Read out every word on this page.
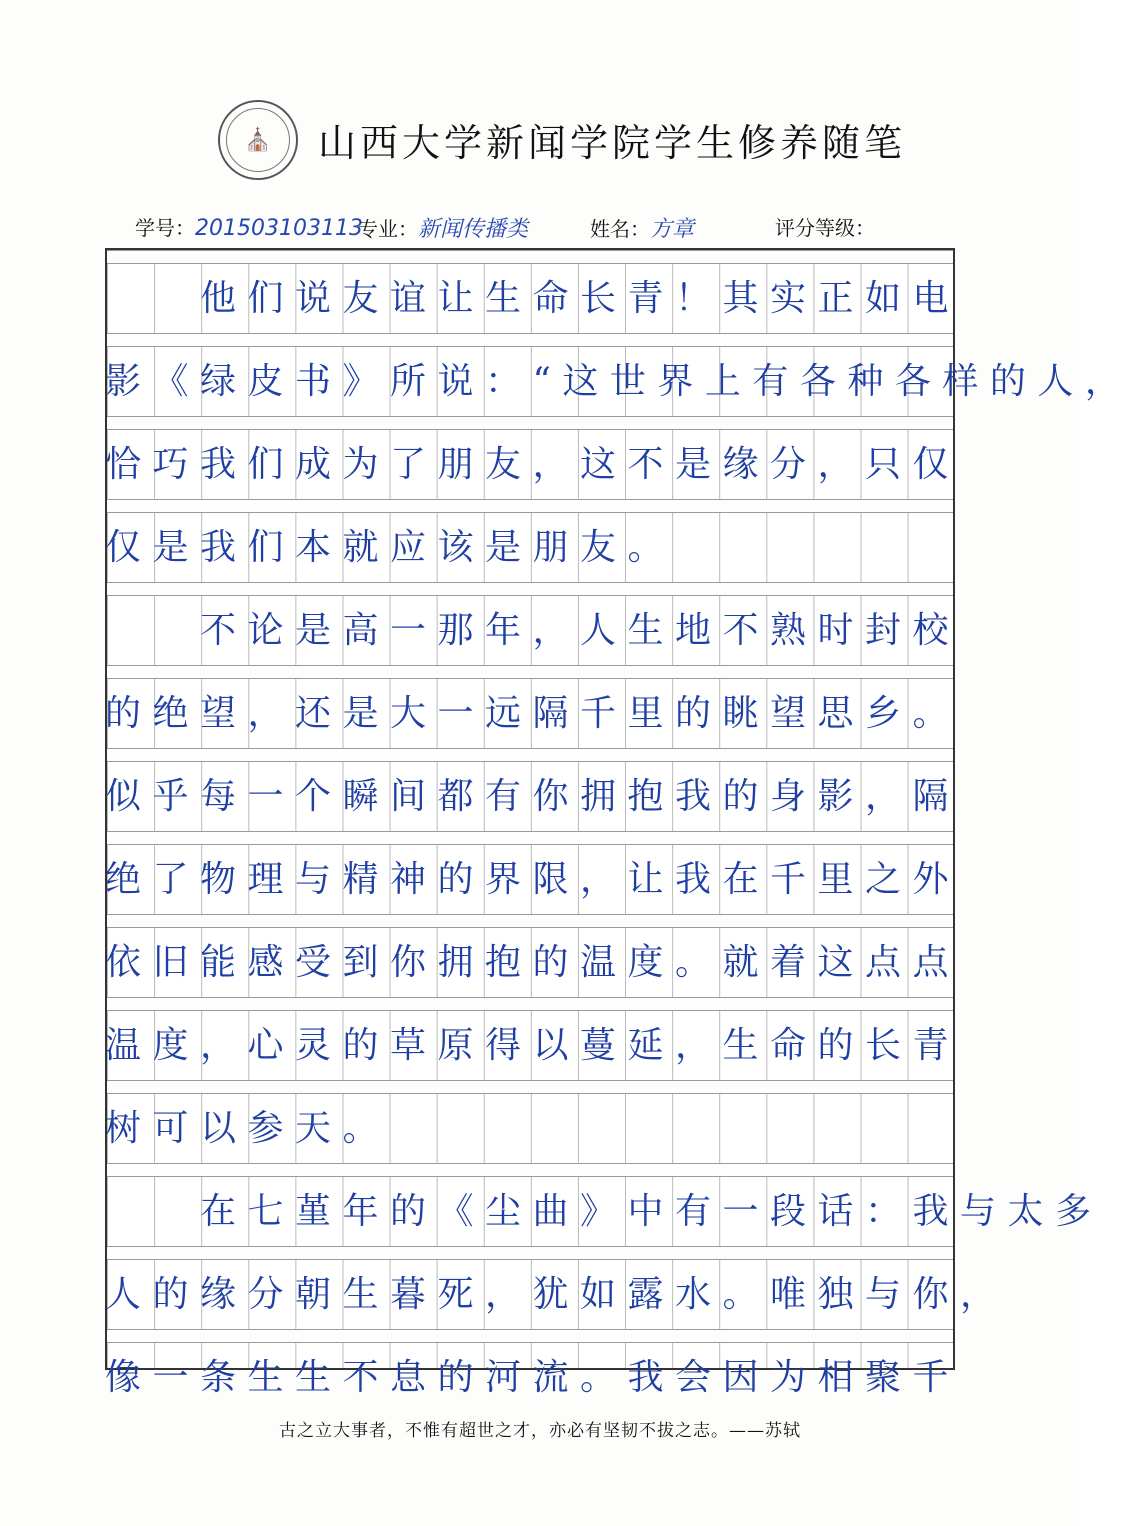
⛪	山西大学新闻学院学生修养随笔
学号：201503103113
专业：新闻传播类	姓名：方章	评分等级：
　　他们说友谊让生命长青！其实正如电
影《绿皮书》所说：“这世界上有各种各样的人，
恰巧我们成为了朋友，这不是缘分，只仅
仅是我们本就应该是朋友。
　　不论是高一那年，人生地不熟时封校
的绝望，还是大一远隔千里的眺望思乡。
似乎每一个瞬间都有你拥抱我的身影，隔
绝了物理与精神的界限，让我在千里之外
依旧能感受到你拥抱的温度。就着这点点
温度，心灵的草原得以蔓延，生命的长青
树可以参天。
　　在七堇年的《尘曲》中有一段话：我与太多
人的缘分朝生暮死，犹如露水。唯独与你，
像一条生生不息的河流。我会因为相聚千
古之立大事者，不惟有超世之才，亦必有坚韧不拔之志。——苏轼
